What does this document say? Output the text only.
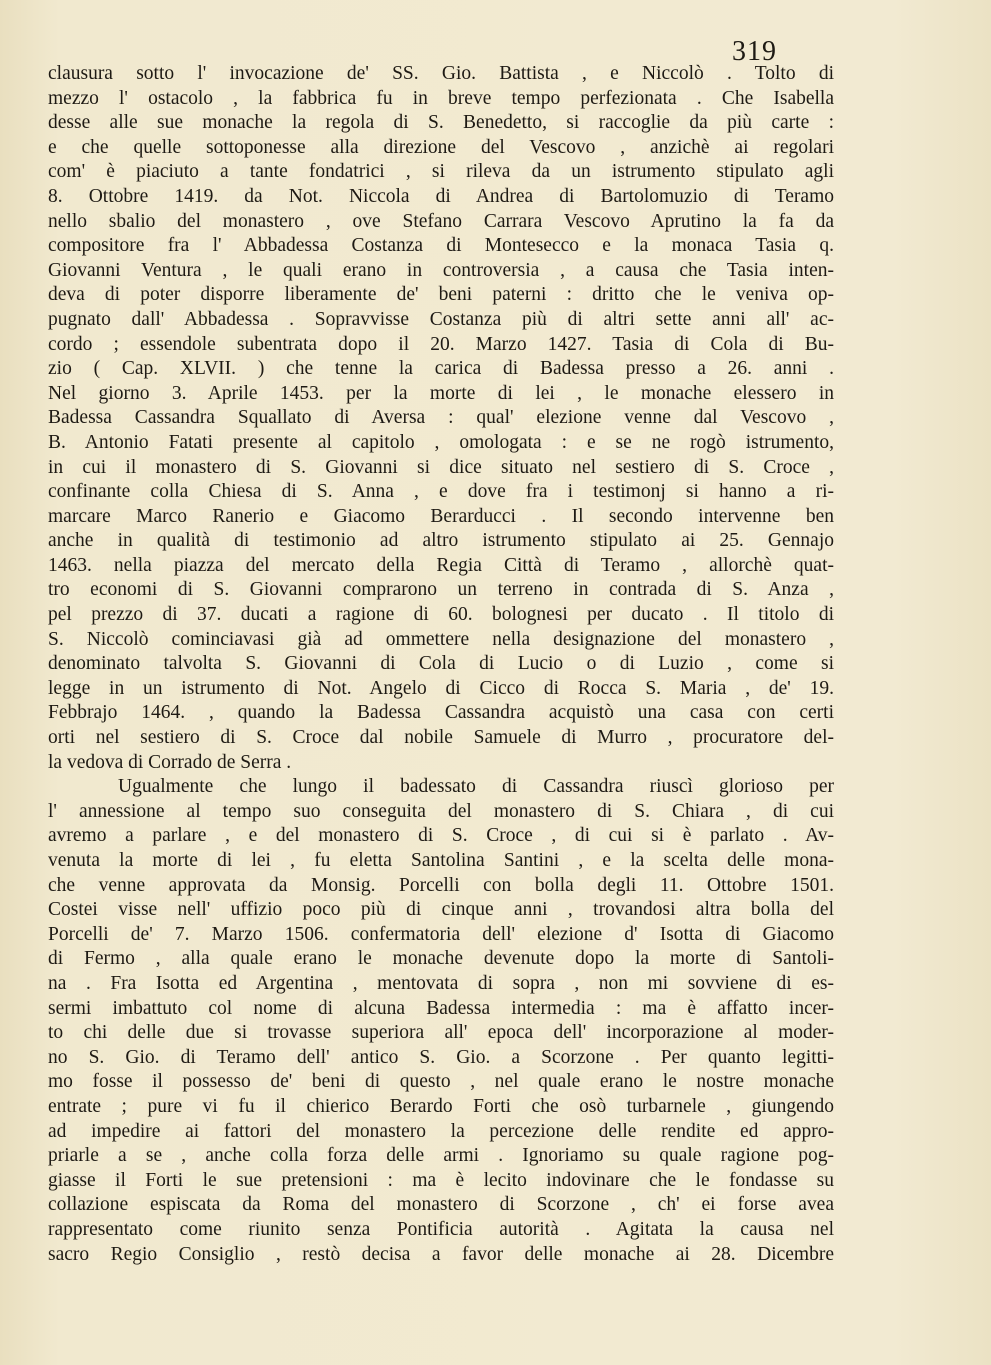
319
clausura sotto l' invocazione de' SS. Gio. Battista , e Niccolò . Tolto di
mezzo l' ostacolo , la fabbrica fu in breve tempo perfezionata . Che Isabella
desse alle sue monache la regola di S. Benedetto, si raccoglie da più carte :
e che quelle sottoponesse alla direzione del Vescovo , anzichè ai regolari
com' è piaciuto a tante fondatrici , si rileva da un istrumento stipulato agli
8. Ottobre 1419. da Not. Niccola di Andrea di Bartolomuzio di Teramo
nello sbalio del monastero , ove Stefano Carrara Vescovo Aprutino la fa da
compositore fra l' Abbadessa Costanza di Montesecco e la monaca Tasia q.
Giovanni Ventura , le quali erano in controversia , a causa che Tasia inten-
deva di poter disporre liberamente de' beni paterni : dritto che le veniva op-
pugnato dall' Abbadessa . Sopravvisse Costanza più di altri sette anni all' ac-
cordo ; essendole subentrata dopo il 20. Marzo 1427. Tasia di Cola di Bu-
zio ( Cap. XLVII. ) che tenne la carica di Badessa presso a 26. anni .
Nel giorno 3. Aprile 1453. per la morte di lei , le monache elessero in
Badessa Cassandra Squallato di Aversa : qual' elezione venne dal Vescovo ,
B. Antonio Fatati presente al capitolo , omologata : e se ne rogò istrumento,
in cui il monastero di S. Giovanni si dice situato nel sestiero di S. Croce ,
confinante colla Chiesa di S. Anna , e dove fra i testimonj si hanno a ri-
marcare Marco Ranerio e Giacomo Berarducci . Il secondo intervenne ben
anche in qualità di testimonio ad altro istrumento stipulato ai 25. Gennajo
1463. nella piazza del mercato della Regia Città di Teramo , allorchè quat-
tro economi di S. Giovanni comprarono un terreno in contrada di S. Anza ,
pel prezzo di 37. ducati a ragione di 60. bolognesi per ducato . Il titolo di
S. Niccolò cominciavasi già ad ommettere nella designazione del monastero ,
denominato talvolta S. Giovanni di Cola di Lucio o di Luzio , come si
legge in un istrumento di Not. Angelo di Cicco di Rocca S. Maria , de' 19.
Febbrajo 1464. , quando la Badessa Cassandra acquistò una casa con certi
orti nel sestiero di S. Croce dal nobile Samuele di Murro , procuratore del-
la vedova di Corrado de Serra .
Ugualmente che lungo il badessato di Cassandra riuscì glorioso per
l' annessione al tempo suo conseguita del monastero di S. Chiara , di cui
avremo a parlare , e del monastero di S. Croce , di cui si è parlato . Av-
venuta la morte di lei , fu eletta Santolina Santini , e la scelta delle mona-
che venne approvata da Monsig. Porcelli con bolla degli 11. Ottobre 1501.
Costei visse nell' uffizio poco più di cinque anni , trovandosi altra bolla del
Porcelli de' 7. Marzo 1506. confermatoria dell' elezione d' Isotta di Giacomo
di Fermo , alla quale erano le monache devenute dopo la morte di Santoli-
na . Fra Isotta ed Argentina , mentovata di sopra , non mi sovviene di es-
sermi imbattuto col nome di alcuna Badessa intermedia : ma è affatto incer-
to chi delle due si trovasse superiora all' epoca dell' incorporazione al moder-
no S. Gio. di Teramo dell' antico S. Gio. a Scorzone . Per quanto legitti-
mo fosse il possesso de' beni di questo , nel quale erano le nostre monache
entrate ; pure vi fu il chierico Berardo Forti che osò turbarnele , giungendo
ad impedire ai fattori del monastero la percezione delle rendite ed appro-
priarle a se , anche colla forza delle armi . Ignoriamo su quale ragione pog-
giasse il Forti le sue pretensioni : ma è lecito indovinare che le fondasse su
collazione espiscata da Roma del monastero di Scorzone , ch' ei forse avea
rappresentato come riunito senza Pontificia autorità . Agitata la causa nel
sacro Regio Consiglio , restò decisa a favor delle monache ai 28. Dicembre
